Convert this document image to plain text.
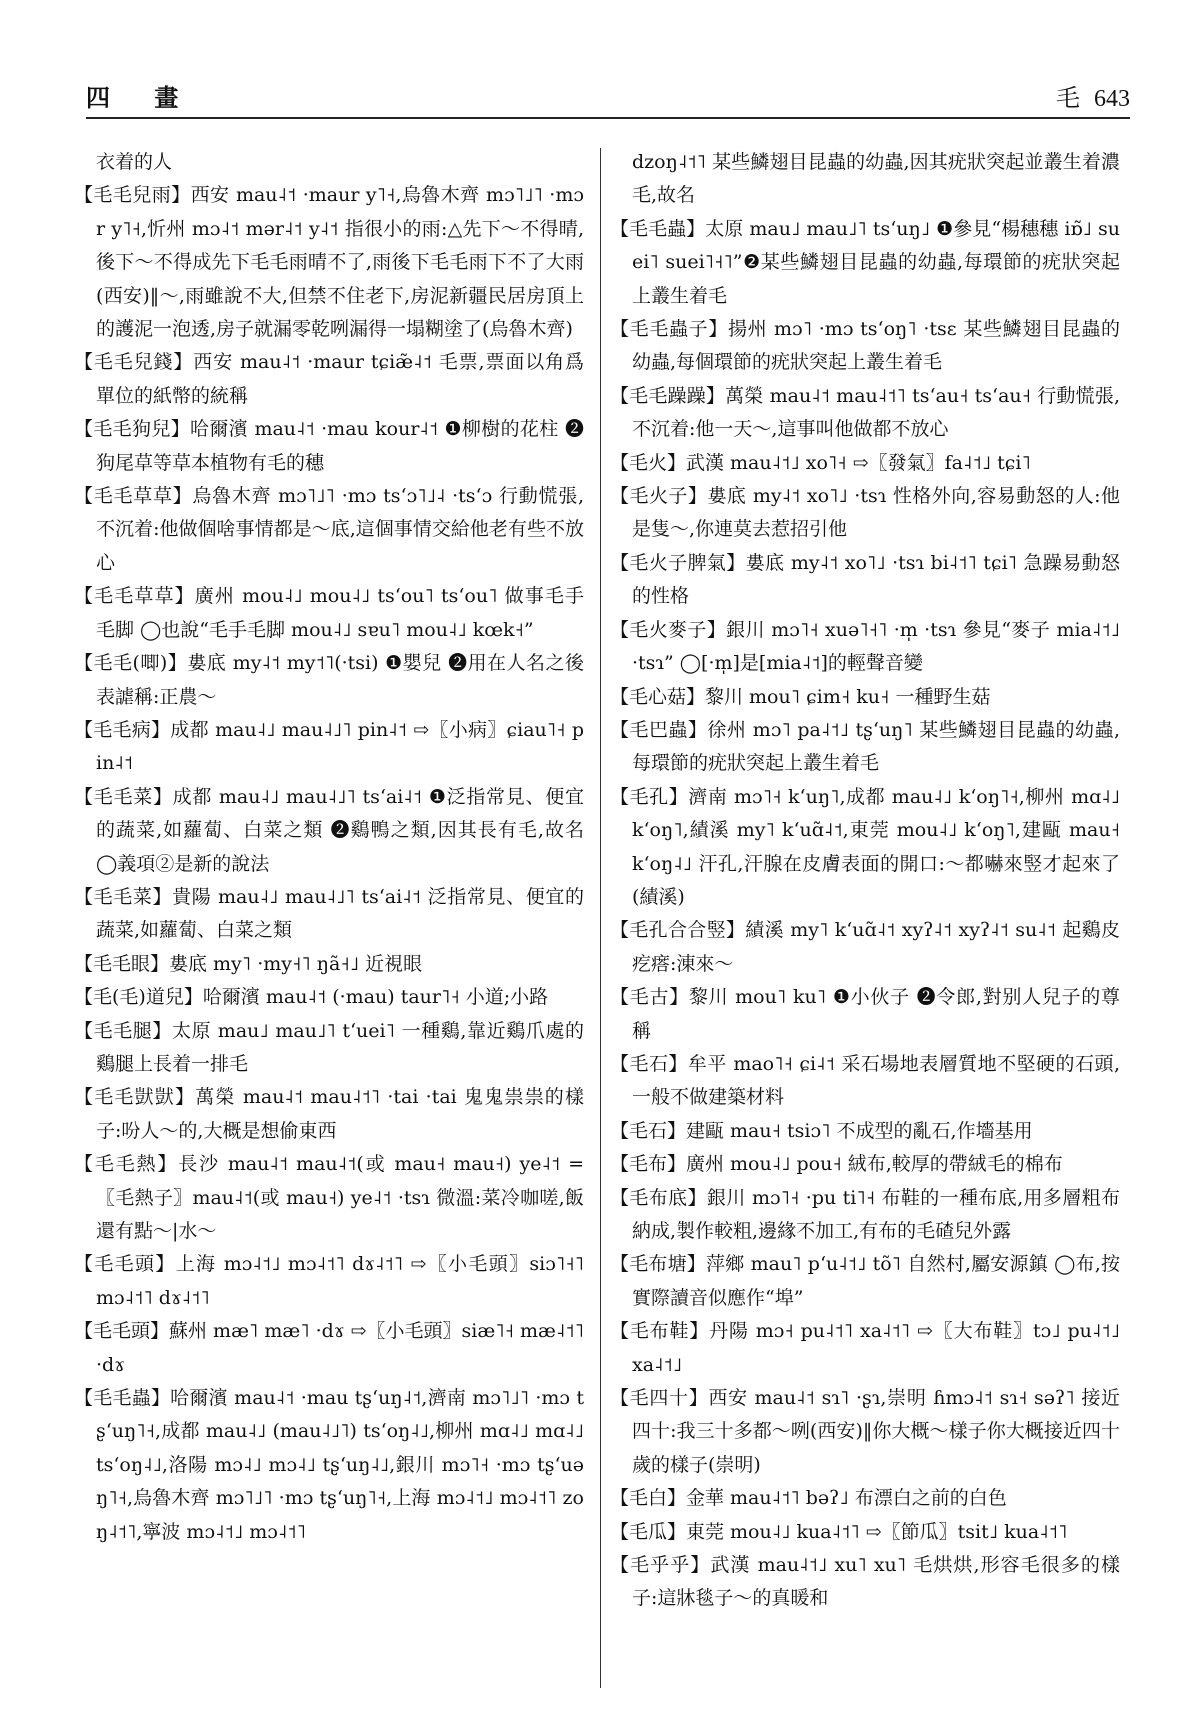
四 畫	毛 643

衣着的人

【毛毛兒雨】西安 mau˨˦ ·maur y˥˧,烏魯木齊 mɔ˥˩˥ ·mɔr y˥˧,忻州 mɔ˨˦ mər˨˦ y˨˦ 指很小的雨:△先下～不得晴,後下～不得成先下毛毛雨晴不了,雨後下毛毛雨下不了大雨(西安)‖～,雨雖說不大,但禁不住老下,房泥新疆民居房頂上的護泥一泡透,房子就漏零乾咧漏得一塌糊塗了(烏魯木齊)

【毛毛兒錢】西安 mau˨˦ ·maur tɕiæ̃˨˦ 毛票,票面以角爲單位的紙幣的統稱

【毛毛狗兒】哈爾濱 mau˨˦ ·mau kour˨˦ ❶柳樹的花柱 ❷狗尾草等草本植物有毛的穗

【毛毛草草】烏魯木齊 mɔ˥˩˥ ·mɔ tsʻɔ˥˩˨ ·tsʻɔ 行動慌張,不沉着:他做個啥事情都是～底,這個事情交給他老有些不放心

【毛毛草草】廣州 mou˨˩ mou˨˩ tsʻou˥ tsʻou˥ 做事毛手毛脚 ◯也說“毛手毛脚 mou˨˩ sɐu˥ mou˨˩ kœk˧”

【毛毛(唧)】婁底 my˨˦ my˦˥(·tsi) ❶嬰兒 ❷用在人名之後表謔稱:正農～

【毛毛病】成都 mau˨˩ mau˨˩˥ pin˨˦ ⇨〖小病〗ɕiau˥˧ pin˨˦

【毛毛菜】成都 mau˨˩ mau˨˩˥ tsʻai˨˦ ❶泛指常見、便宜的蔬菜,如蘿蔔、白菜之類 ❷鷄鴨之類,因其長有毛,故名 ◯義項②是新的說法

【毛毛菜】貴陽 mau˨˩ mau˨˩˥ tsʻai˨˦ 泛指常見、便宜的蔬菜,如蘿蔔、白菜之類

【毛毛眼】婁底 my˥ ·my˧˥ ŋã˧˩ 近視眼

【毛(毛)道兒】哈爾濱 mau˨˦ (·mau) taur˥˧ 小道;小路

【毛毛腿】太原 mau˩ mau˩˥ tʻuei˥ 一種鷄,靠近鷄爪處的鷄腿上長着一排毛

【毛毛獃獃】萬榮 mau˨˦ mau˨˦˥ ·tai ·tai 鬼鬼祟祟的樣子:吩人～的,大概是想偷東西

【毛毛熱】長沙 mau˨˦ mau˨˦(或 mau˧ mau˧) ye˨˦ =〖毛熱子〗mau˨˦(或 mau˧) ye˨˦ ·tsɿ 微溫:菜冷咖嗟,飯還有點～|水～

【毛毛頭】上海 mɔ˨˦˩ mɔ˨˦˥ dɤ˨˦˥ ⇨〖小毛頭〗siɔ˥˧˥ mɔ˨˦˥ dɤ˨˦˥

【毛毛頭】蘇州 mæ˥ mæ˥ ·dɤ ⇨〖小毛頭〗siæ˥˧ mæ˨˦˥ ·dɤ

【毛毛蟲】哈爾濱 mau˨˦ ·mau tʂʻuŋ˨˦,濟南 mɔ˥˩˥ ·mɔ tʂʻuŋ˥˧,成都 mau˨˩ (mau˨˩˥) tsʻoŋ˨˩,柳州 mɑ˨˩ mɑ˨˩ tsʻoŋ˨˩,洛陽 mɔ˨˩ mɔ˨˩ tʂʻuŋ˨˩,銀川 mɔ˥˧ ·mɔ tʂʻuəŋ˥˧,烏魯木齊 mɔ˥˩˥ ·mɔ tʂʻuŋ˥˧,上海 mɔ˨˦˩ mɔ˨˦˥ zoŋ˨˦˥,寧波 mɔ˨˦˩ mɔ˨˦˥

dzoŋ˨˦˥ 某些鱗翅目昆蟲的幼蟲,因其疣狀突起並叢生着濃毛,故名

【毛毛蟲】太原 mau˩ mau˩˥ tsʻuŋ˩ ❶參見“楊穗穗 iɒ̃˩ suei˥ suei˥˧˥”❷某些鱗翅目昆蟲的幼蟲,每環節的疣狀突起上叢生着毛

【毛毛蟲子】揚州 mɔ˥ ·mɔ tsʻoŋ˥ ·tsɛ 某些鱗翅目昆蟲的幼蟲,每個環節的疣狀突起上叢生着毛

【毛毛躁躁】萬榮 mau˨˦ mau˨˦˥ tsʻau˧ tsʻau˧ 行動慌張,不沉着:他一天～,這事叫他做都不放心

【毛火】武漢 mau˨˦˩ xo˥˧ ⇨〖發氣〗fa˨˦˩ tɕi˥

【毛火子】婁底 my˨˦ xo˥˩ ·tsɿ 性格外向,容易動怒的人:他是隻～,你連莫去惹招引他

【毛火子脾氣】婁底 my˨˦ xo˥˩ ·tsɿ bi˨˦˥ tɕi˥ 急躁易動怒的性格

【毛火麥子】銀川 mɔ˥˧ xuə˥˧˥ ·m̩ ·tsɿ 參見“麥子 mia˨˦˩ ·tsɿ” ◯[·m̩]是[mia˨˦]的輕聲音變

【毛心菇】黎川 mou˥ ɕim˧ ku˧ 一種野生菇

【毛巴蟲】徐州 mɔ˥ pa˨˦˩ tʂʻuŋ˥ 某些鱗翅目昆蟲的幼蟲,每環節的疣狀突起上叢生着毛

【毛孔】濟南 mɔ˥˧ kʻuŋ˥,成都 mau˨˩ kʻoŋ˥˧,柳州 mɑ˨˩ kʻoŋ˥,績溪 my˥ kʻuɑ̃˨˦,東莞 mou˨˩ kʻoŋ˥,建甌 mau˧ kʻoŋ˨˩ 汗孔,汗腺在皮膚表面的開口:～都嚇來竪才起來了(績溪)

【毛孔合合竪】績溪 my˥ kʻuɑ̃˨˦ xyʔ˨˦ xyʔ˨˦ su˨˦ 起鷄皮疙瘩:涷來～

【毛古】黎川 mou˥ ku˥ ❶小伙子 ❷令郎,對别人兒子的尊稱

【毛石】牟平 mao˥˧ ɕi˨˦ 采石場地表層質地不堅硬的石頭,一般不做建築材料

【毛石】建甌 mau˧ tsiɔ˥ 不成型的亂石,作墻基用

【毛布】廣州 mou˨˩ pou˧ 絨布,較厚的帶絨毛的棉布

【毛布底】銀川 mɔ˥˧ ·pu ti˥˧ 布鞋的一種布底,用多層粗布納成,製作較粗,邊緣不加工,有布的毛碴兒外露

【毛布塘】萍鄉 mau˥ pʻu˨˦˩ tõ˥ 自然村,屬安源鎮 ◯布,按實際讀音似應作“埠”

【毛布鞋】丹陽 mɔ˧ pu˨˦˥ xa˨˦˥ ⇨〖大布鞋〗tɔ˩ pu˨˦˩ xa˨˦˩

【毛四十】西安 mau˨˦ sɿ˥ ·ʂɿ,崇明 ɦmɔ˨˦ sɿ˧ səʔ˥ 接近四十:我三十多都～咧(西安)‖你大概～樣子你大概接近四十歲的樣子(崇明)

【毛白】金華 mau˨˦˥ bəʔ˩ 布漂白之前的白色

【毛瓜】東莞 mou˨˩ kua˨˦˥ ⇨〖節瓜〗tsit˩ kua˨˦˥

【毛乎乎】武漢 mau˨˦˩ xu˥ xu˥ 毛烘烘,形容毛很多的樣子:這牀毯子～的真暖和
